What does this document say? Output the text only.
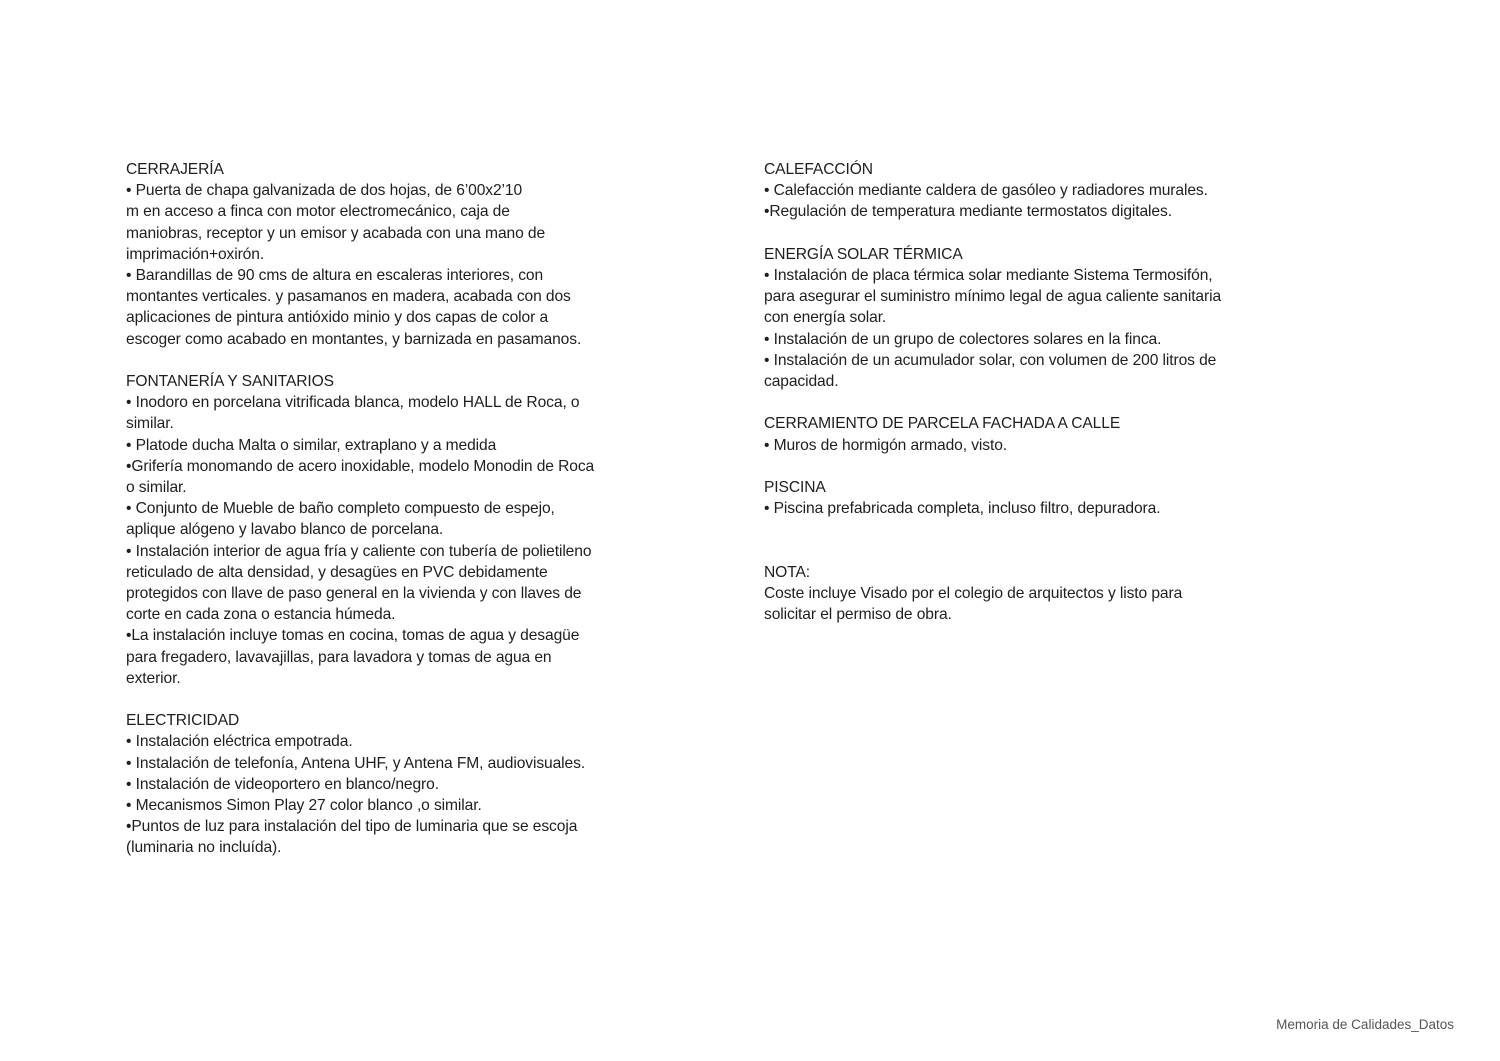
CERRAJERÍA

• Puerta de chapa galvanizada de dos hojas, de 6’00x2’10
m en acceso a finca con motor electromecánico, caja de
maniobras, receptor y un emisor y acabada con una mano de
imprimación+oxirón.
• Barandillas de 90 cms de altura en escaleras interiores, con
montantes verticales. y pasamanos en madera, acabada con dos
aplicaciones de pintura antióxido minio y dos capas de color a
escoger como acabado en montantes, y barnizada en pasamanos.

FONTANERÍA Y SANITARIOS

• Inodoro en porcelana vitrificada blanca, modelo HALL de Roca, o
similar.
• Platode ducha Malta o similar, extraplano y a medida
•Grifería monomando de acero inoxidable, modelo Monodin de Roca
o similar.
• Conjunto de Mueble de baño completo compuesto de espejo,
aplique alógeno y lavabo blanco de porcelana.
• Instalación interior de agua fría y caliente con tubería de polietileno
reticulado de alta densidad, y desagües en PVC debidamente
protegidos con llave de paso general en la vivienda y con llaves de
corte en cada zona o estancia húmeda.
•La instalación incluye tomas en cocina, tomas de agua y desagüe
para fregadero, lavavajillas, para lavadora y tomas de agua en
exterior.

ELECTRICIDAD

• Instalación eléctrica empotrada.
• Instalación de telefonía, Antena UHF, y Antena FM, audiovisuales.
• Instalación de videoportero en blanco/negro.
• Mecanismos Simon Play 27 color blanco ,o similar.
•Puntos de luz para instalación del tipo de luminaria que se escoja
(luminaria no incluída).

CALEFACCIÓN

• Calefacción mediante caldera de gasóleo y radiadores murales.
•Regulación de temperatura mediante termostatos digitales.

ENERGÍA SOLAR TÉRMICA

• Instalación de placa térmica solar mediante Sistema Termosifón,
para asegurar el suministro mínimo legal de agua caliente sanitaria
con energía solar.
• Instalación de un grupo de colectores solares en la finca.
• Instalación de un acumulador solar, con volumen de 200 litros de
capacidad.

CERRAMIENTO DE PARCELA FACHADA A CALLE

• Muros de hormigón armado, visto.

PISCINA

• Piscina prefabricada completa, incluso filtro, depuradora.

NOTA:

Coste incluye Visado por el colegio de arquitectos y listo para
solicitar el permiso de obra.

Memoria de Calidades_Datos
